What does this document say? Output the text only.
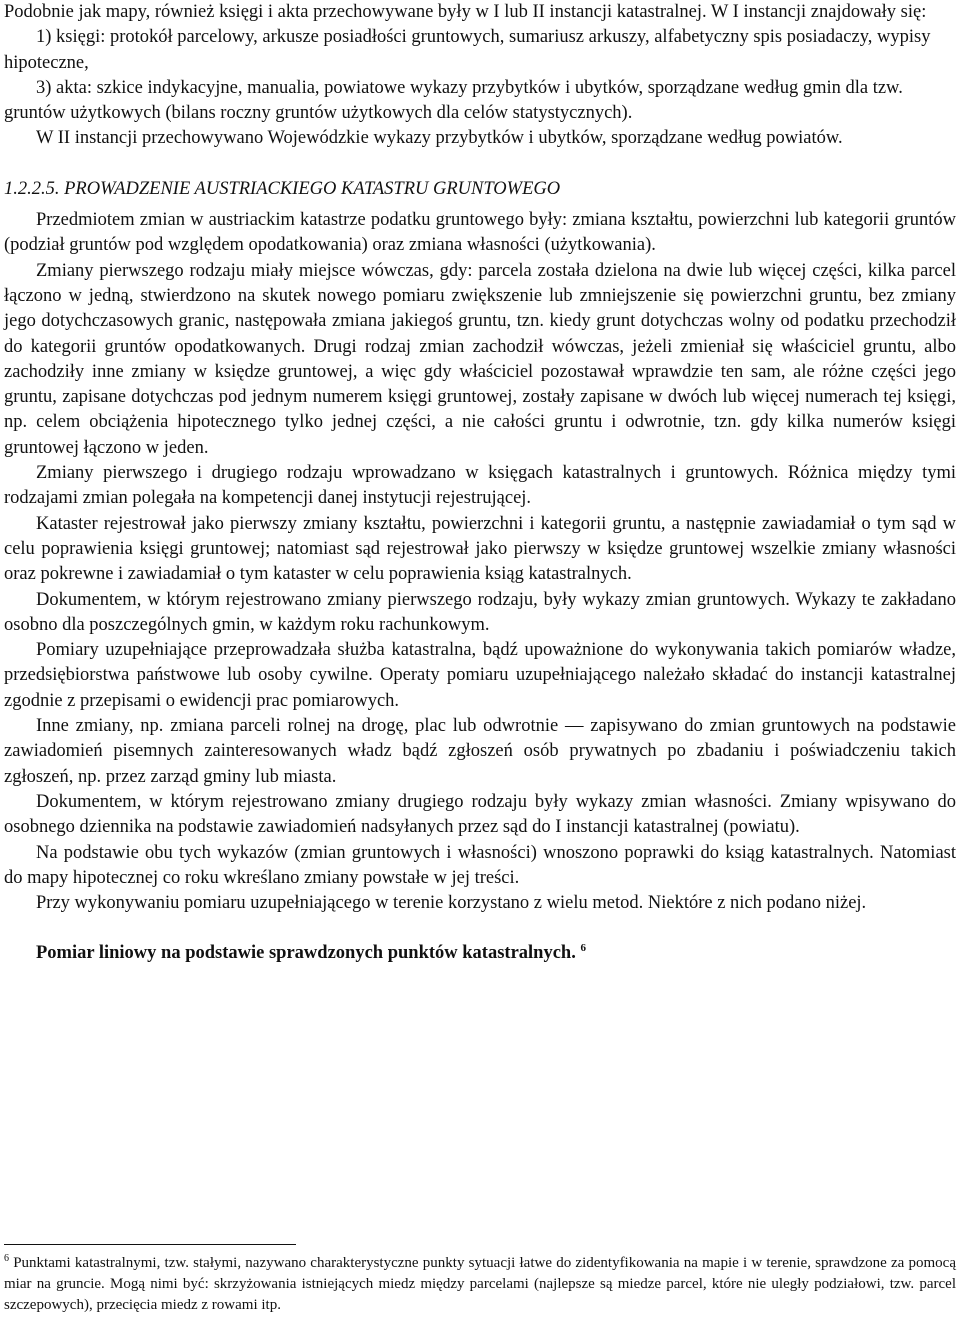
Podobnie jak mapy, również księgi i akta przechowywane były w I lub II instancji katastralnej. W I instancji znajdowały się:

1) księgi: protokół parcelowy, arkusze posiadłości gruntowych, sumariusz arkuszy, alfabetyczny spis posiadaczy, wypisy hipoteczne,

3) akta: szkice indykacyjne, manualia, powiatowe wykazy przybytków i ubytków, sporządzane według gmin dla tzw. gruntów użytkowych (bilans roczny gruntów użytkowych dla celów statystycznych).

W II instancji przechowywano Wojewódzkie wykazy przybytków i ubytków, sporządzane według powiatów.

1.2.2.5. PROWADZENIE AUSTRIACKIEGO KATASTRU GRUNTOWEGO

Przedmiotem zmian w austriackim katastrze podatku gruntowego były: zmiana kształtu, powierzchni lub kategorii gruntów (podział gruntów pod względem opodatkowania) oraz zmiana własności (użytkowania).

Zmiany pierwszego rodzaju miały miejsce wówczas, gdy: parcela została dzielona na dwie lub więcej części, kilka parcel łączono w jedną, stwierdzono na skutek nowego pomiaru zwiększenie lub zmniejszenie się powierzchni gruntu, bez zmiany jego dotychczasowych granic, następowała zmiana jakiegoś gruntu, tzn. kiedy grunt dotychczas wolny od podatku przechodził do kategorii gruntów opodatkowanych. Drugi rodzaj zmian zachodził wówczas, jeżeli zmieniał się właściciel gruntu, albo zachodziły inne zmiany w księdze gruntowej, a więc gdy właściciel pozostawał wprawdzie ten sam, ale różne części jego gruntu, zapisane dotychczas pod jednym numerem księgi gruntowej, zostały zapisane w dwóch lub więcej numerach tej księgi, np. celem obciążenia hipotecznego tylko jednej części, a nie całości gruntu i odwrotnie, tzn. gdy kilka numerów księgi gruntowej łączono w jeden.

Zmiany pierwszego i drugiego rodzaju wprowadzano w księgach katastralnych i gruntowych. Różnica między tymi rodzajami zmian polegała na kompetencji danej instytucji rejestrującej.

Kataster rejestrował jako pierwszy zmiany kształtu, powierzchni i kategorii gruntu, a następnie zawiadamiał o tym sąd w celu poprawienia księgi gruntowej; natomiast sąd rejestrował jako pierwszy w księdze gruntowej wszelkie zmiany własności oraz pokrewne i zawiadamiał o tym kataster w celu poprawienia ksiąg katastralnych.

Dokumentem, w którym rejestrowano zmiany pierwszego rodzaju, były wykazy zmian gruntowych. Wykazy te zakładano osobno dla poszczególnych gmin, w każdym roku rachunkowym.

Pomiary uzupełniające przeprowadzała służba katastralna, bądź upoważnione do wykonywania takich pomiarów władze, przedsiębiorstwa państwowe lub osoby cywilne. Operaty pomiaru uzupełniającego należało składać do instancji katastralnej zgodnie z przepisami o ewidencji prac pomiarowych.

Inne zmiany, np. zmiana parceli rolnej na drogę, plac lub odwrotnie — zapisywano do zmian gruntowych na podstawie zawiadomień pisemnych zainteresowanych władz bądź zgłoszeń osób prywatnych po zbadaniu i poświadczeniu takich zgłoszeń, np. przez zarząd gminy lub miasta.

Dokumentem, w którym rejestrowano zmiany drugiego rodzaju były wykazy zmian własności. Zmiany wpisywano do osobnego dziennika na podstawie zawiadomień nadsyłanych przez sąd do I instancji katastralnej (powiatu).

Na podstawie obu tych wykazów (zmian gruntowych i własności) wnoszono poprawki do ksiąg katastralnych. Natomiast do mapy hipotecznej co roku wkreślano zmiany powstałe w jej treści.

Przy wykonywaniu pomiaru uzupełniającego w terenie korzystano z wielu metod. Niektóre z nich podano niżej.

Pomiar liniowy na podstawie sprawdzonych punktów katastralnych. $^6$

$^6$ Punktami katastralnymi, tzw. stałymi, nazywano charakterystyczne punkty sytuacji łatwe do zidentyfikowania na mapie i w terenie, sprawdzone za pomocą miar na gruncie. Mogą nimi być: skrzyżowania istniejących miedz między parcelami (najlepsze są miedze parcel, które nie uległy podziałowi, tzw. parcel szczepowych), przecięcia miedz z rowami itp.
